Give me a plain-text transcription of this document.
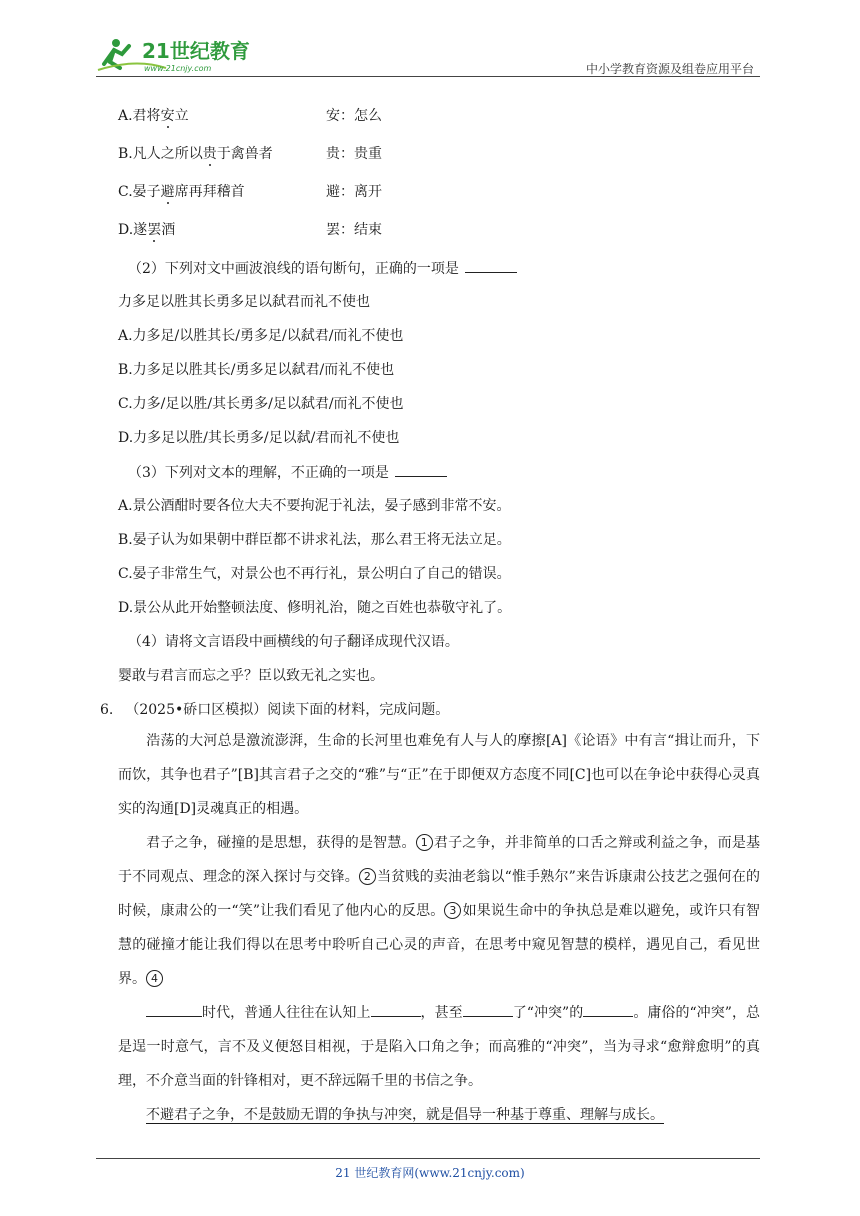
21世纪教育
www.21cnjy.com	中小学教育资源及组卷应用平台
A.君将安立	安：怎么
B.凡人之所以贵于禽兽者	贵：贵重
C.晏子避席再拜稽首	避：离开
D.遂罢酒	罢：结束
（2）下列对文中画波浪线的语句断句，正确的一项是
力多足以胜其长勇多足以弑君而礼不使也
A.力多足/以胜其长/勇多足/以弑君/而礼不使也
B.力多足以胜其长/勇多足以弑君/而礼不使也
C.力多/足以胜/其长勇多/足以弑君/而礼不使也
D.力多足以胜/其长勇多/足以弑/君而礼不使也
（3）下列对文本的理解，不正确的一项是
A.景公酒酣时要各位大夫不要拘泥于礼法，晏子感到非常不安。
B.晏子认为如果朝中群臣都不讲求礼法，那么君王将无法立足。
C.晏子非常生气，对景公也不再行礼，景公明白了自己的错误。
D.景公从此开始整顿法度、修明礼治，随之百姓也恭敬守礼了。
（4）请将文言语段中画横线的句子翻译成现代汉语。
婴敢与君言而忘之乎？臣以致无礼之实也。
6. （2025•硚口区模拟）阅读下面的材料，完成问题。
浩荡的大河总是激流澎湃，生命的长河里也难免有人与人的摩擦[A]《论语》中有言“揖让而升，下而饮，其争也君子”[B]其言君子之交的“雅”与“正”在于即便双方态度不同[C]也可以在争论中获得心灵真实的沟通[D]灵魂真正的相遇。
君子之争，碰撞的是思想，获得的是智慧。 1 君子之争，并非简单的口舌之辩或利益之争，而是基于不同观点、理念的深入探讨与交锋。 2 当贫贱的卖油老翁以“惟手熟尔”来告诉康肃公技艺之强何在的时候，康肃公的一“笑”让我们看见了他内心的反思。 3 如果说生命中的争执总是难以避免，或许只有智慧的碰撞才能让我们得以在思考中聆听自己心灵的声音，在思考中窥见智慧的模样，遇见自己，看见世界。 4
时代，普通人往往在认知上	，甚至	了“冲突”的	。庸俗的“冲突”，总是逞一时意气，言不及义便怒目相视，于是陷入口角之争；而高雅的“冲突”，当为寻求“愈辩愈明”的真理，不介意当面的针锋相对，更不辞远隔千里的书信之争。
不避君子之争，不是鼓励无谓的争执与冲突，就是倡导一种基于尊重、理解与成长。
21 世纪教育网(www.21cnjy.com)
